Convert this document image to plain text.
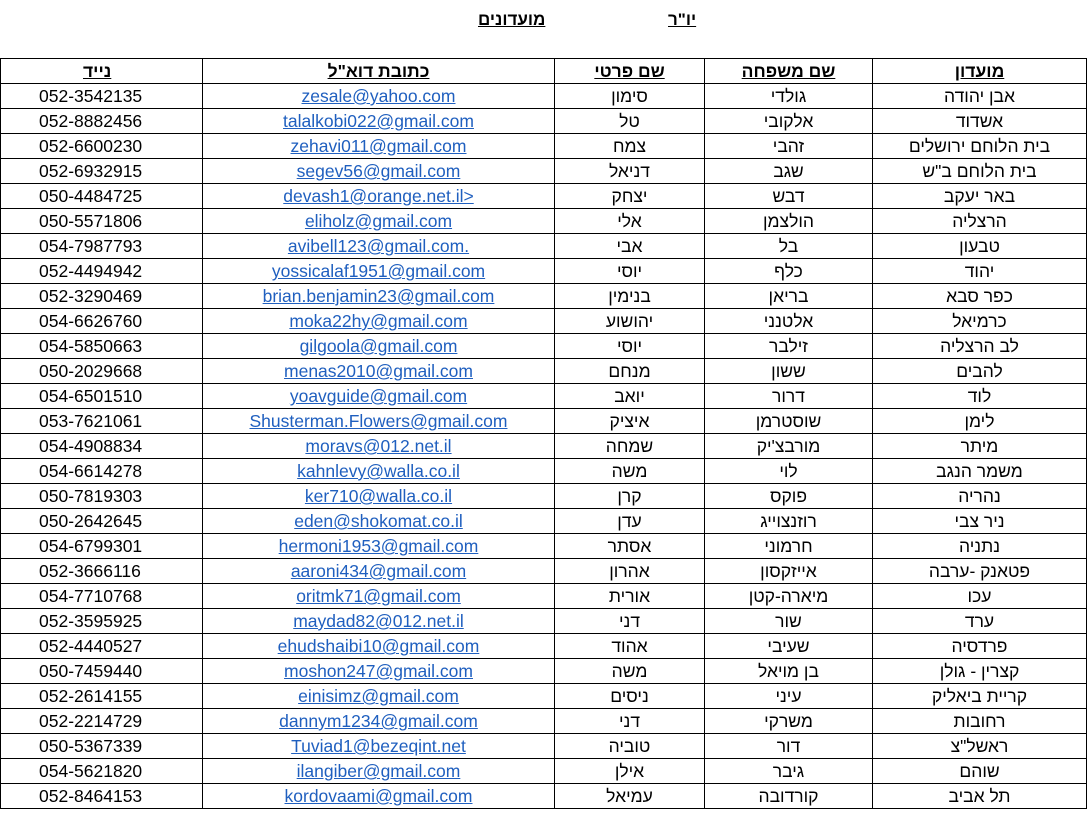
יו"ר
מועדונים
מועדון	שם משפחה	שם פרטי	כתובת דוא"ל	נייד
אבן יהודה	גולדי	סימון	zesale@yahoo.com	052-3542135
אשדוד	אלקובי	טל	talalkobi022@gmail.com	052-8882456
בית הלוחם ירושלים	זהבי	צמח	zehavi011@gmail.com	052-6600230
בית הלוחם ב"ש	שגב	דניאל	segev56@gmail.com	052-6932915
באר יעקב	דבש	יצחק	devash1@orange.net.il>	050-4484725
הרצליה	הולצמן	אלי	eliholz@gmail.com	050-5571806
טבעון	בל	אבי	avibell123@gmail.com.	054-7987793
יהוד	כלף	יוסי	yossicalaf1951@gmail.com	052-4494942
כפר סבא	בריאן	בנימין	brian.benjamin23@gmail.com	052-3290469
כרמיאל	אלטנני	יהושוע	moka22hy@gmail.com	054-6626760
לב הרצליה	זילבר	יוסי	gilgoola@gmail.com	054-5850663
להבים	ששון	מנחם	menas2010@gmail.com	050-2029668
לוד	דרור	יואב	yoavguide@gmail.com	054-6501510
לימן	שוסטרמן	איציק	Shusterman.Flowers@gmail.com	053-7621061
מיתר	מורבצ'יק	שמחה	moravs@012.net.il	054-4908834
משמר הנגב	לוי	משה	kahnlevy@walla.co.il	054-6614278
נהריה	פוקס	קרן	ker710@walla.co.il	050-7819303
ניר צבי	רוזנצוייג	עדן	eden@shokomat.co.il	050-2642645
נתניה	חרמוני	אסתר	hermoni1953@gmail.com	054-6799301
פטאנק -ערבה	אייזקסון	אהרון	aaroni434@gmail.com	052-3666116
עכו	מיארה-קטן	אורית	oritmk71@gmail.com	054-7710768
ערד	שור	דני	maydad82@012.net.il	052-3595925
פרדסיה	שעיבי	אהוד	ehudshaibi10@gmail.com	052-4440527
קצרין - גולן	בן מויאל	משה	moshon247@gmail.com	050-7459440
קריית ביאליק	עיני	ניסים	einisimz@gmail.com	052-2614155
רחובות	משרקי	דני	dannym1234@gmail.com	052-2214729
ראשל"צ	דור	טוביה	Tuviad1@bezeqint.net	050-5367339
שוהם	גיבר	אילן	ilangiber@gmail.com	054-5621820
תל אביב	קורדובה	עמיאל	kordovaami@gmail.com	052-8464153
